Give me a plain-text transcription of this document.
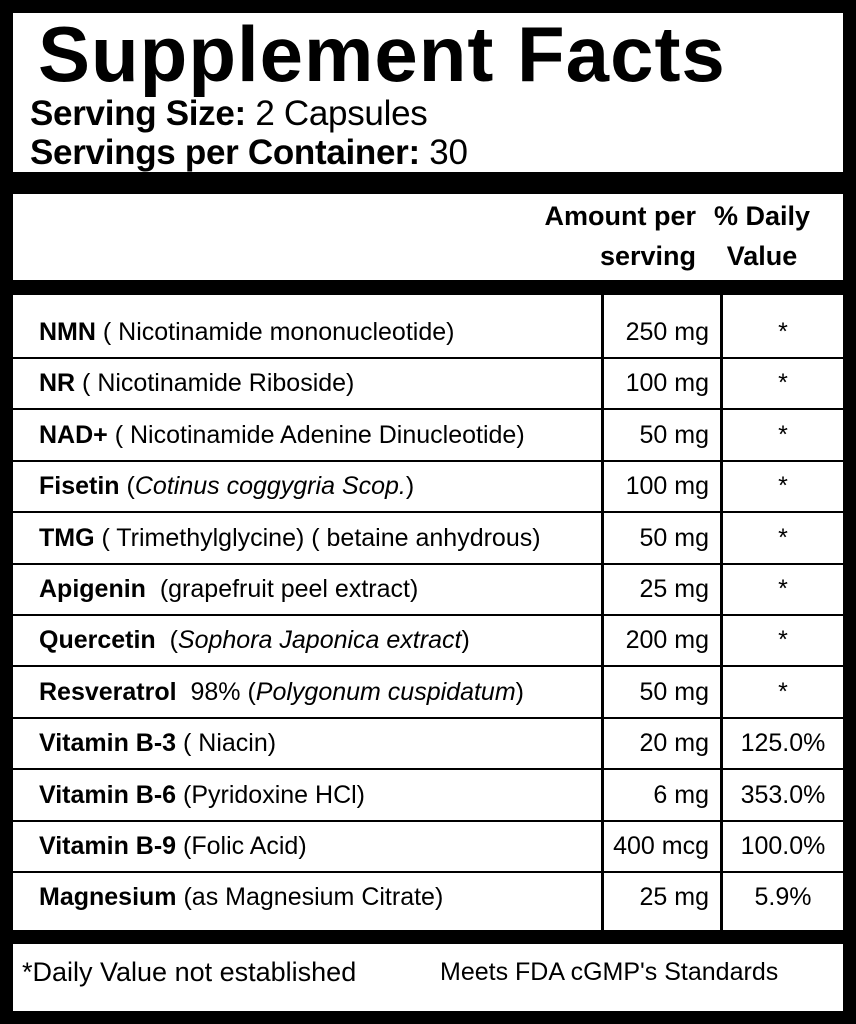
Supplement Facts
Serving Size: 2 Capsules
Servings per Container: 30
Amount per
serving
% Daily
Value
NMN ( Nicotinamide mononucleotide)	250 mg	*
NR ( Nicotinamide Riboside)	100 mg	*
NAD+ ( Nicotinamide Adenine Dinucleotide)	50 mg	*
Fisetin (Cotinus coggygria Scop.)	100 mg	*
TMG ( Trimethylglycine) ( betaine anhydrous)	50 mg	*
Apigenin  (grapefruit peel extract)	25 mg	*
Quercetin  (Sophora Japonica extract)	200 mg	*
Resveratrol  98% (Polygonum cuspidatum)	50 mg	*
Vitamin B-3 ( Niacin)	20 mg	125.0%
Vitamin B-6 (Pyridoxine HCl)	6 mg	353.0%
Vitamin B-9 (Folic Acid)	400 mcg	100.0%
Magnesium (as Magnesium Citrate)	25 mg	5.9%
*Daily Value not established	Meets FDA cGMP's Standards
